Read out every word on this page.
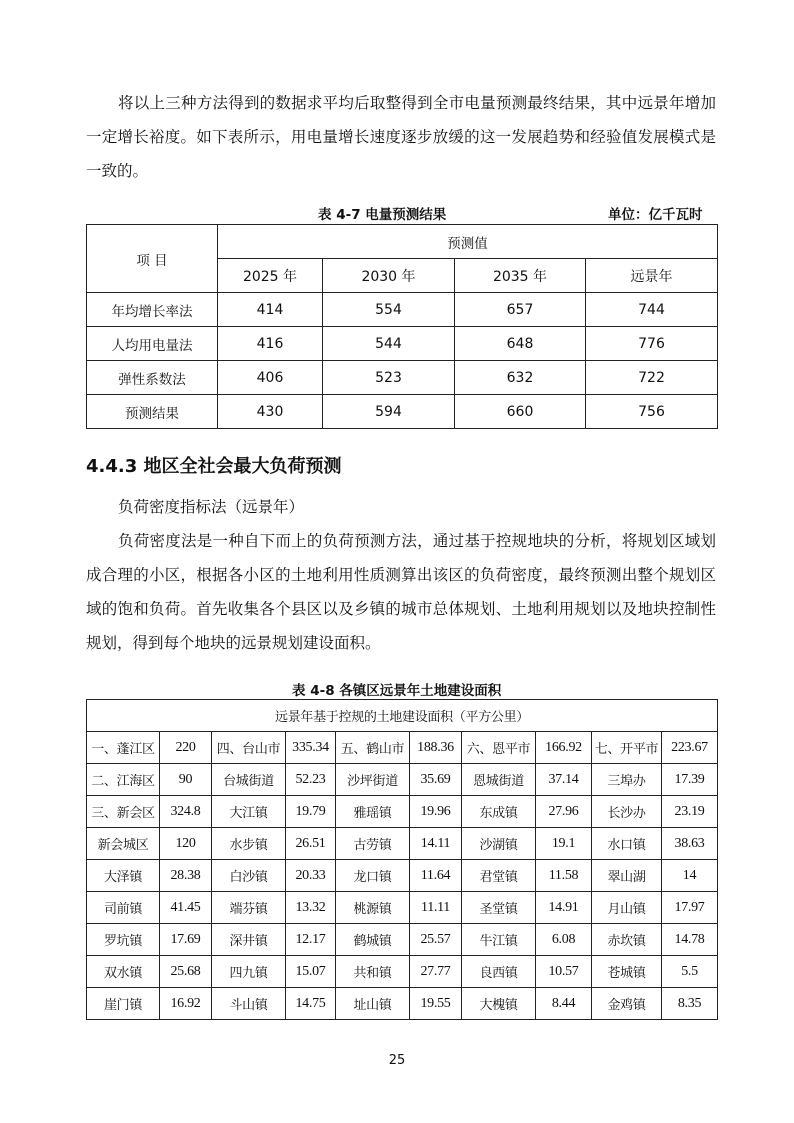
将以上三种方法得到的数据求平均后取整得到全市电量预测最终结果，其中远景年增加一定增长裕度。如下表所示，用电量增长速度逐步放缓的这一发展趋势和经验值发展模式是一致的。

表 4-7 电量预测结果	单位：亿千瓦时
项 目	预测值			
	2025 年	2030 年	2035 年	远景年
年均增长率法	414	554	657	744
人均用电量法	416	544	648	776
弹性系数法	406	523	632	722
预测结果	430	594	660	756
4.4.3 地区全社会最大负荷预测

负荷密度指标法（远景年）

负荷密度法是一种自下而上的负荷预测方法，通过基于控规地块的分析，将规划区域划成合理的小区，根据各小区的土地利用性质测算出该区的负荷密度，最终预测出整个规划区域的饱和负荷。首先收集各个县区以及乡镇的城市总体规划、土地利用规划以及地块控制性规划，得到每个地块的远景规划建设面积。

表 4-8 各镇区远景年土地建设面积
远景年基于控规的土地建设面积（平方公里）									
一、蓬江区	220	四、台山市	335.34	五、鹤山市	188.36	六、恩平市	166.92	七、开平市	223.67
二、江海区	90	台城街道	52.23	沙坪街道	35.69	恩城街道	37.14	三埠办	17.39
三、新会区	324.8	大江镇	19.79	雅瑶镇	19.96	东成镇	27.96	长沙办	23.19
新会城区	120	水步镇	26.51	古劳镇	14.11	沙湖镇	19.1	水口镇	38.63
大泽镇	28.38	白沙镇	20.33	龙口镇	11.64	君堂镇	11.58	翠山湖	14
司前镇	41.45	端芬镇	13.32	桃源镇	11.11	圣堂镇	14.91	月山镇	17.97
罗坑镇	17.69	深井镇	12.17	鹤城镇	25.57	牛江镇	6.08	赤坎镇	14.78
双水镇	25.68	四九镇	15.07	共和镇	27.77	良西镇	10.57	苍城镇	5.5
崖门镇	16.92	斗山镇	14.75	址山镇	19.55	大槐镇	8.44	金鸡镇	8.35
25
